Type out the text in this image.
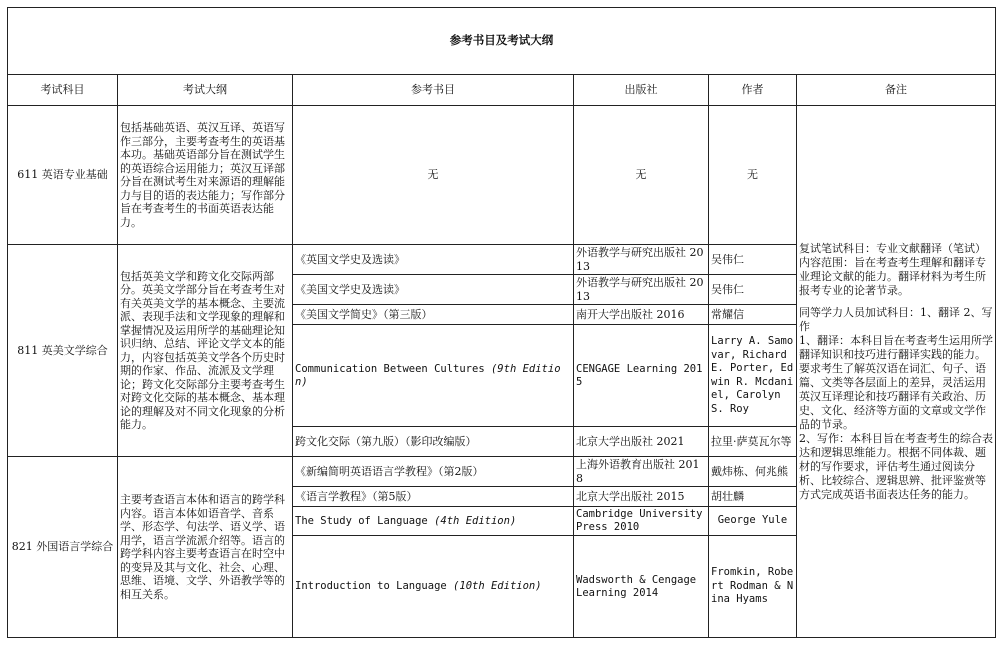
参考书目及考试大纲					
考试科目	考试大纲	参考书目	出版社	作者	备注
611 英语专业基础	包括基础英语、英汉互译、英语写作三部分，主要考查考生的英语基本功。基础英语部分旨在测试学生的英语综合运用能力；英汉互译部分旨在测试考生对来源语的理解能力与目的语的表达能力；写作部分旨在考查考生的书面英语表达能力。	无	无	无	复试笔试科目：专业文献翻译（笔试）

内容范围：旨在考查考生理解和翻译专业理论文献的能力。翻译材料为考生所报考专业的论著节录。

同等学力人员加试科目：1、翻译 2、写作

1、翻译：本科目旨在考查考生运用所学翻译知识和技巧进行翻译实践的能力。要求考生了解英汉语在词汇、句子、语篇、文类等各层面上的差异，灵活运用英汉互译理论和技巧翻译有关政治、历史、文化、经济等方面的文章或文学作品的节录。

2、写作：本科目旨在考查考生的综合表达和逻辑思维能力。根据不同体裁、题材的写作要求，评估考生通过阅读分析、比较综合、逻辑思辨、批评鉴赏等方式完成英语书面表达任务的能力。

811 英美文学综合	包括英美文学和跨文化交际两部分。英美文学部分旨在考查考生对有关英美文学的基本概念、主要流派、表现手法和文学现象的理解和掌握情况及运用所学的基础理论知识归纳、总结、评论文学文本的能力，内容包括英美文学各个历史时期的作家、作品、流派及文学理论；跨文化交际部分主要考查考生对跨文化交际的基本概念、基本理论的理解及对不同文化现象的分析能力。	《英国文学史及选读》	外语教学与研究出版社 2013	吴伟仁	
		《美国文学史及选读》	外语教学与研究出版社 2013	吴伟仁	
		《美国文学简史》（第三版）	南开大学出版社 2016	常耀信	
		Communication Between Cultures (9th Edition)	CENGAGE Learning 2015	Larry A. Samovar, Richard E. Porter, Edwin R. Mcdaniel, Carolyn S. Roy	
		跨文化交际（第九版）（影印改编版）	北京大学出版社 2021	拉里·萨莫瓦尔等	
821 外国语言学综合	主要考查语言本体和语言的跨学科内容。语言本体如语音学、音系学、形态学、句法学、语义学、语用学，语言学流派介绍等。语言的跨学科内容主要考查语言在时空中的变异及其与文化、社会、心理、思维、语境、文学、外语教学等的相互关系。	《新编简明英语语言学教程》（第2版）	上海外语教育出版社 2018	戴炜栋、何兆熊	
		《语言学教程》（第5版）	北京大学出版社 2015	胡壮麟	
		The Study of Language (4th Edition)	Cambridge University Press 2010	George Yule	
		Introduction to Language (10th Edition)	Wadsworth & Cengage Learning 2014	Fromkin, Robert Rodman & Nina Hyams	
